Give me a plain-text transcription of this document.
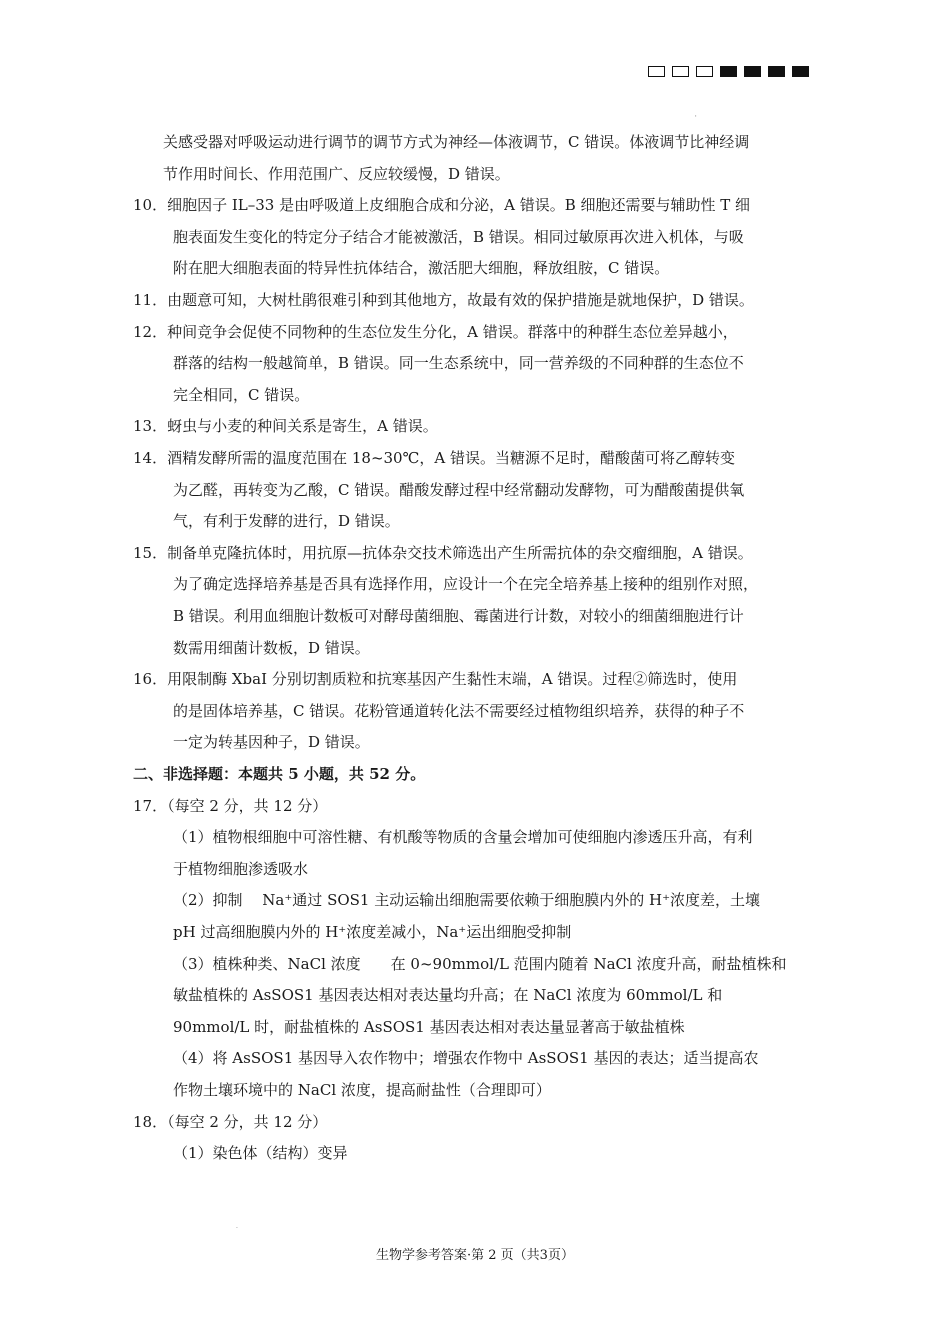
'
.
关感受器对呼吸运动进行调节的调节方式为神经—体液调节，C 错误。体液调节比神经调
节作用时间长、作用范围广、反应较缓慢，D 错误。
10．细胞因子 IL–33 是由呼吸道上皮细胞合成和分泌，A 错误。B 细胞还需要与辅助性 T 细
胞表面发生变化的特定分子结合才能被激活，B 错误。相同过敏原再次进入机体，与吸
附在肥大细胞表面的特异性抗体结合，激活肥大细胞，释放组胺，C 错误。
11．由题意可知，大树杜鹃很难引种到其他地方，故最有效的保护措施是就地保护，D 错误。
12．种间竞争会促使不同物种的生态位发生分化，A 错误。群落中的种群生态位差异越小，
群落的结构一般越简单，B 错误。同一生态系统中，同一营养级的不同种群的生态位不
完全相同，C 错误。
13．蚜虫与小麦的种间关系是寄生，A 错误。
14．酒精发酵所需的温度范围在 18~30℃，A 错误。当糖源不足时，醋酸菌可将乙醇转变
为乙醛，再转变为乙酸，C 错误。醋酸发酵过程中经常翻动发酵物，可为醋酸菌提供氧
气，有利于发酵的进行，D 错误。
15．制备单克隆抗体时，用抗原—抗体杂交技术筛选出产生所需抗体的杂交瘤细胞，A 错误。
为了确定选择培养基是否具有选择作用，应设计一个在完全培养基上接种的组别作对照，
B 错误。利用血细胞计数板可对酵母菌细胞、霉菌进行计数，对较小的细菌细胞进行计
数需用细菌计数板，D 错误。
16．用限制酶 XbaⅠ 分别切割质粒和抗寒基因产生黏性末端，A 错误。过程②筛选时，使用
的是固体培养基，C 错误。花粉管通道转化法不需要经过植物组织培养，获得的种子不
一定为转基因种子，D 错误。
二、非选择题：本题共 5 小题，共 52 分。
17．（每空 2 分，共 12 分）
（1）植物根细胞中可溶性糖、有机酸等物质的含量会增加可使细胞内渗透压升高，有利
于植物细胞渗透吸水
（2）抑制　 Na⁺通过 SOS1 主动运输出细胞需要依赖于细胞膜内外的 H⁺浓度差，土壤
pH 过高细胞膜内外的 H⁺浓度差减小，Na⁺运出细胞受抑制
（3）植株种类、NaCl 浓度　　在 0~90mmol/L 范围内随着 NaCl 浓度升高，耐盐植株和
敏盐植株的 AsSOS1 基因表达相对表达量均升高；在 NaCl 浓度为 60mmol/L 和
90mmol/L 时，耐盐植株的 AsSOS1 基因表达相对表达量显著高于敏盐植株
（4）将 AsSOS1 基因导入农作物中；增强农作物中 AsSOS1 基因的表达；适当提高农
作物土壤环境中的 NaCl 浓度，提高耐盐性（合理即可）
18．（每空 2 分，共 12 分）
（1）染色体（结构）变异
生物学参考答案·第 2 页（共3页）
